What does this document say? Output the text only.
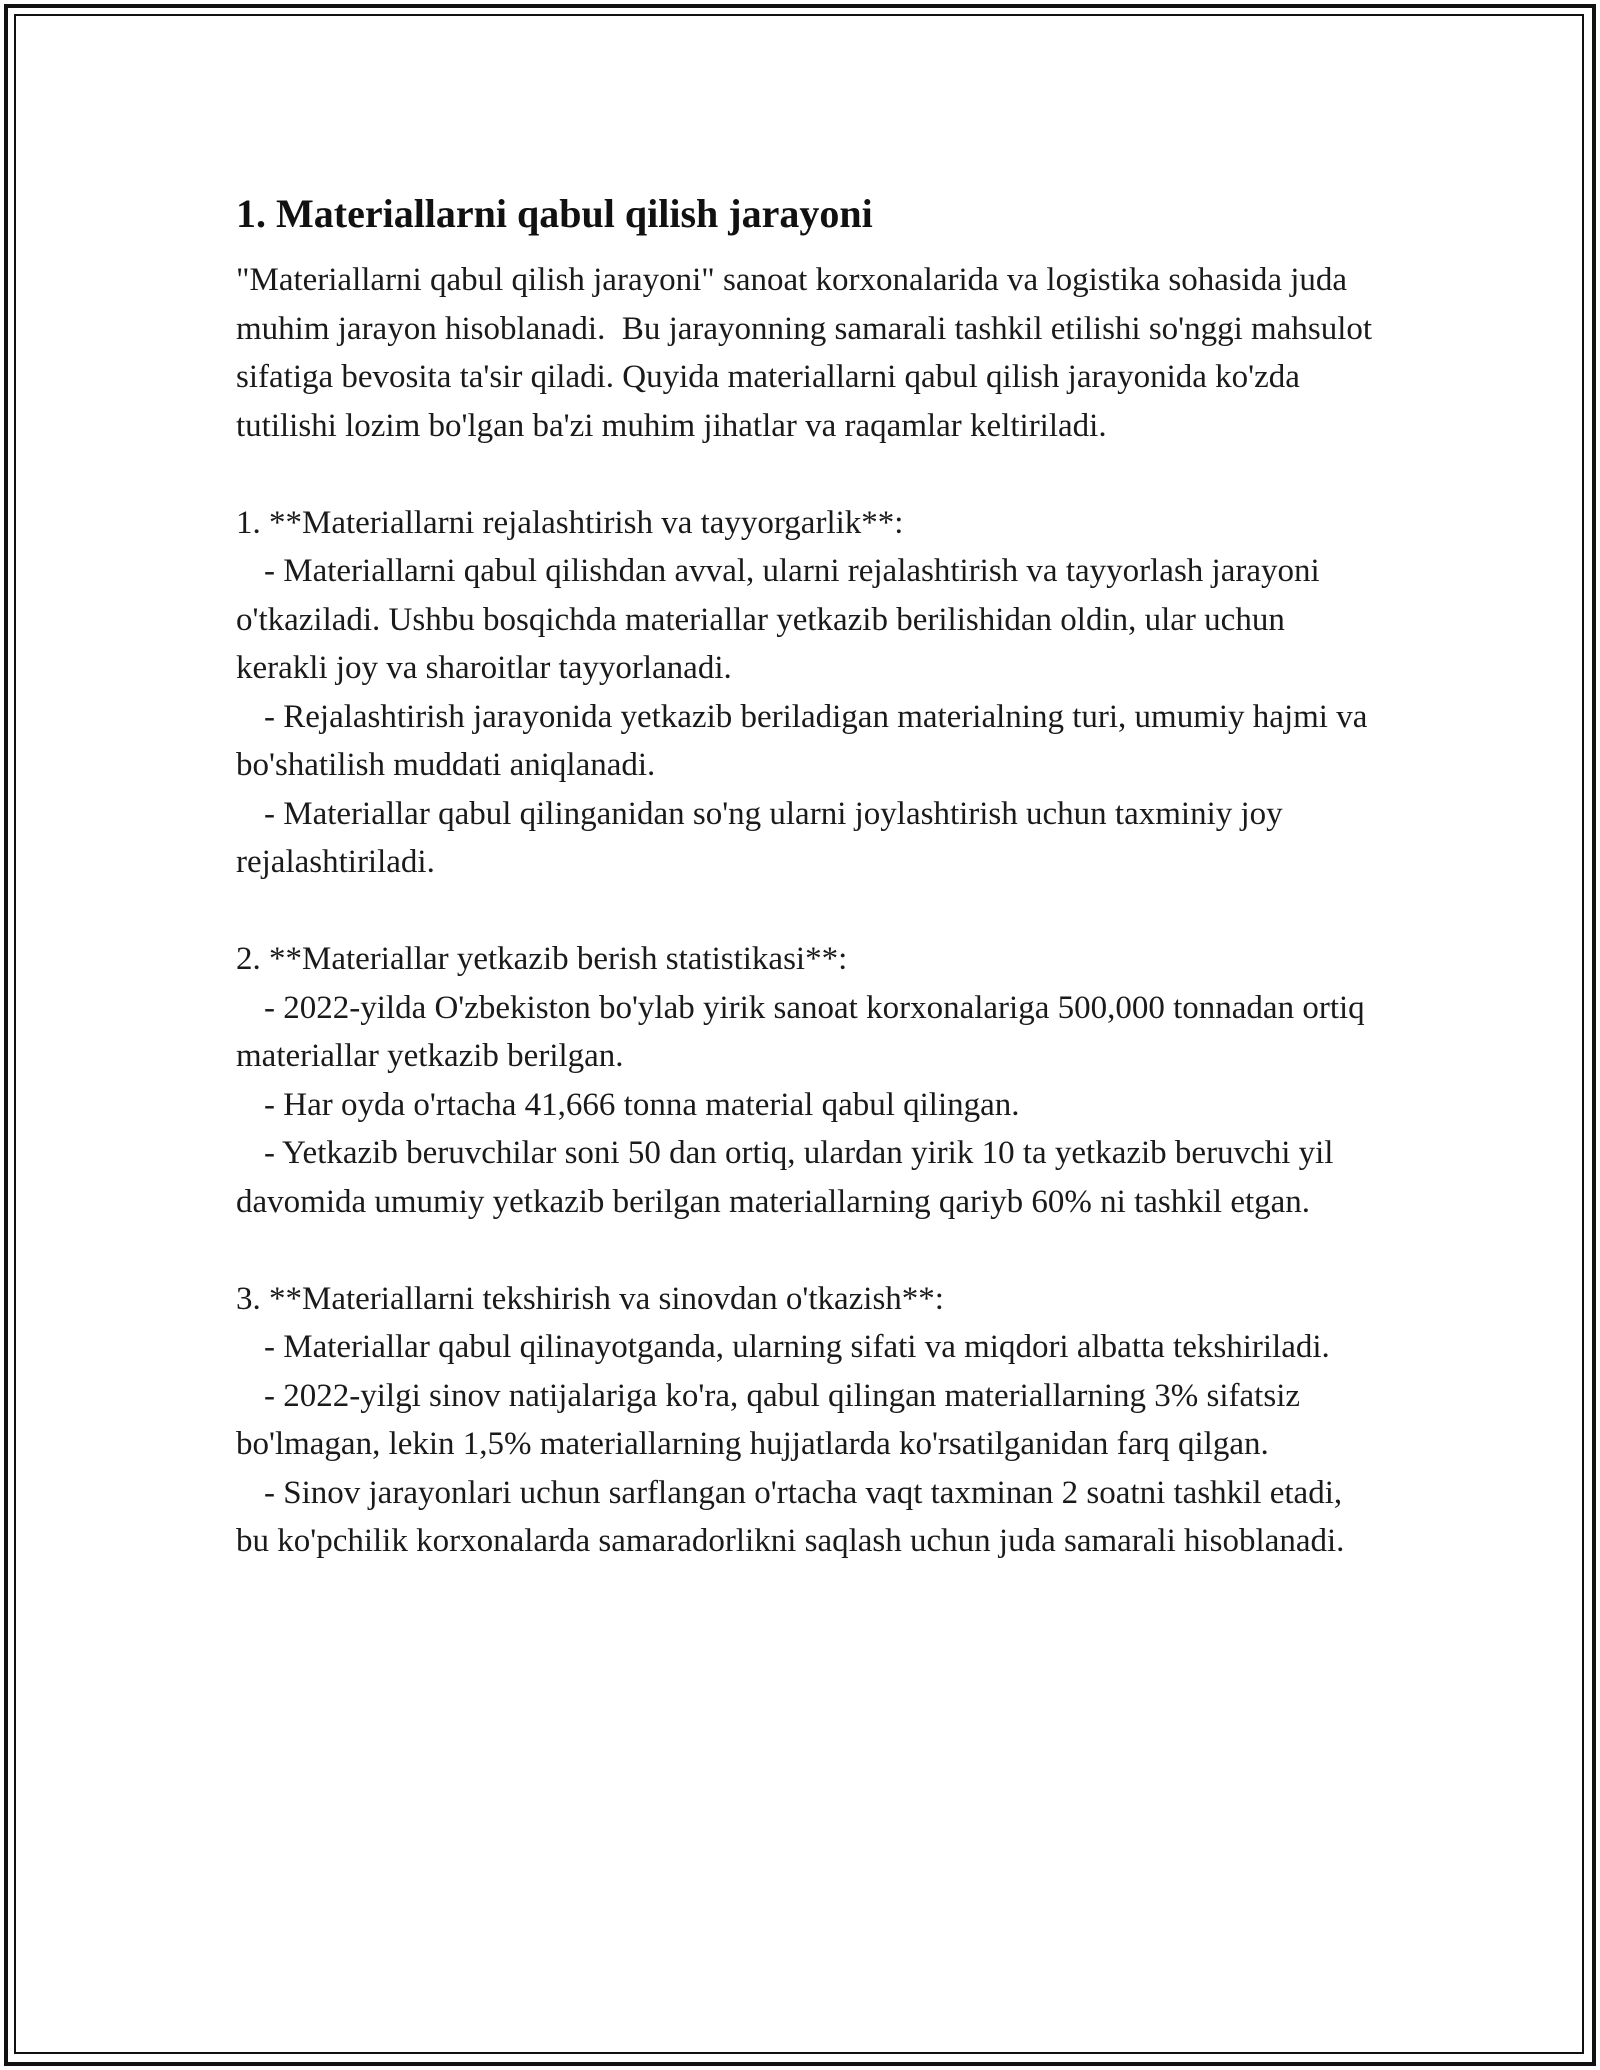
1. Materiallarni qabul qilish jarayoni

"Materiallarni qabul qilish jarayoni" sanoat korxonalarida va logistika sohasida juda muhim jarayon hisoblanadi.  Bu jarayonning samarali tashkil etilishi so'nggi mahsulot sifatiga bevosita ta'sir qiladi. Quyida materiallarni qabul qilish jarayonida ko'zda tutilishi lozim bo'lgan ba'zi muhim jihatlar va raqamlar keltiriladi.

1. **Materiallarni rejalashtirish va tayyorgarlik**:

- Materiallarni qabul qilishdan avval, ularni rejalashtirish va tayyorlash jarayoni o'tkaziladi. Ushbu bosqichda materiallar yetkazib berilishidan oldin, ular uchun kerakli joy va sharoitlar tayyorlanadi.

- Rejalashtirish jarayonida yetkazib beriladigan materialning turi, umumiy hajmi va bo'shatilish muddati aniqlanadi.

- Materiallar qabul qilinganidan so'ng ularni joylashtirish uchun taxminiy joy rejalashtiriladi.

2. **Materiallar yetkazib berish statistikasi**:

- 2022-yilda O'zbekiston bo'ylab yirik sanoat korxonalariga 500,000 tonnadan ortiq materiallar yetkazib berilgan.

- Har oyda o'rtacha 41,666 tonna material qabul qilingan.

- Yetkazib beruvchilar soni 50 dan ortiq, ulardan yirik 10 ta yetkazib beruvchi yil davomida umumiy yetkazib berilgan materiallarning qariyb 60% ni tashkil etgan.

3. **Materiallarni tekshirish va sinovdan o'tkazish**:

- Materiallar qabul qilinayotganda, ularning sifati va miqdori albatta tekshiriladi.

- 2022-yilgi sinov natijalariga ko'ra, qabul qilingan materiallarning 3% sifatsiz bo'lmagan, lekin 1,5% materiallarning hujjatlarda ko'rsatilganidan farq qilgan.

- Sinov jarayonlari uchun sarflangan o'rtacha vaqt taxminan 2 soatni tashkil etadi, bu ko'pchilik korxonalarda samaradorlikni saqlash uchun juda samarali hisoblanadi.
